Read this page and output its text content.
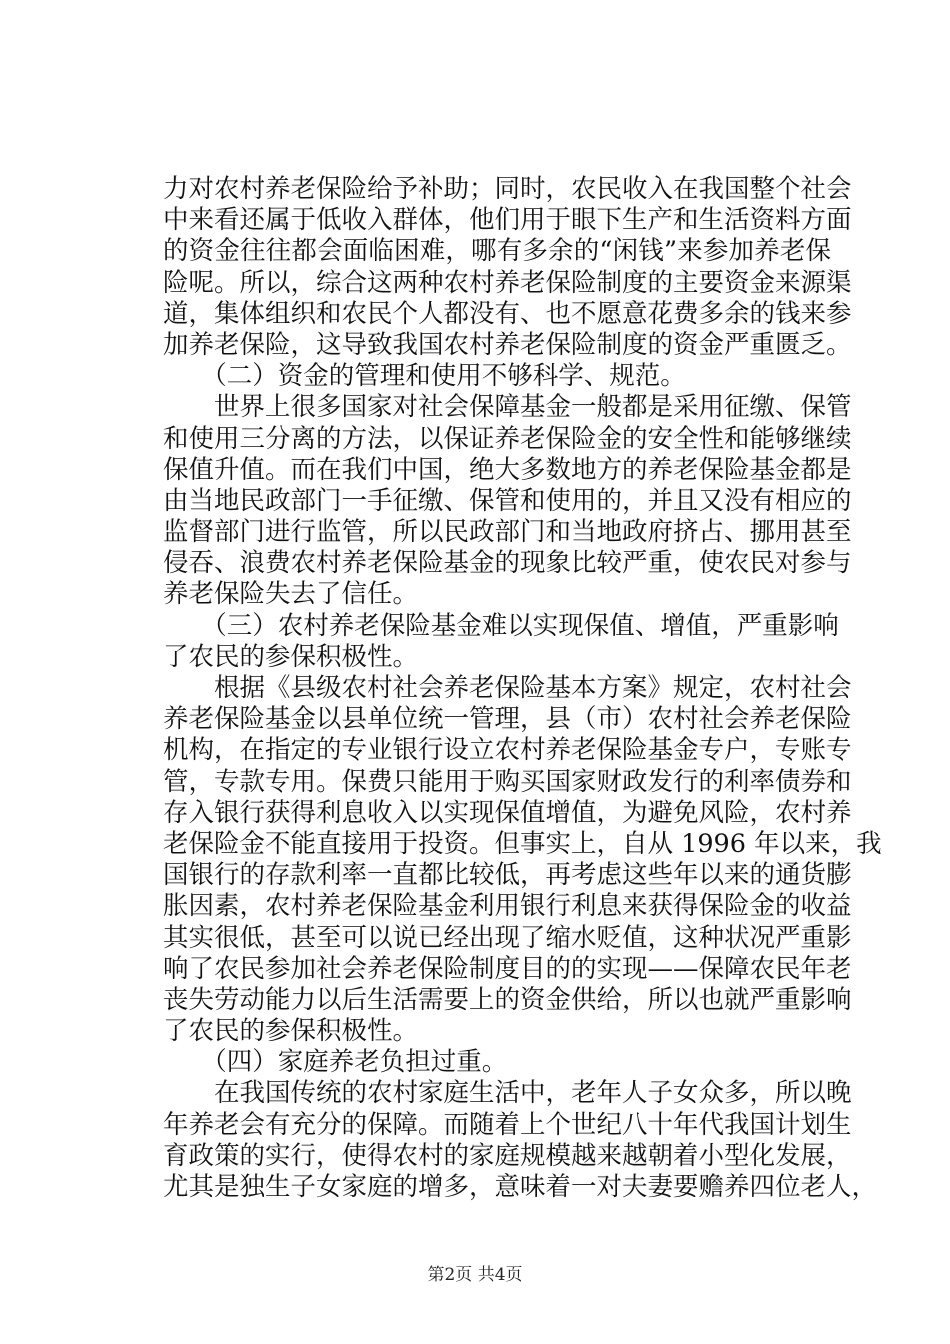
力对农村养老保险给予补助；同时，农民收入在我国整个社会
中来看还属于低收入群体，他们用于眼下生产和生活资料方面
的资金往往都会面临困难，哪有多余的“闲钱”来参加养老保
险呢。所以，综合这两种农村养老保险制度的主要资金来源渠
道，集体组织和农民个人都没有、也不愿意花费多余的钱来参
加养老保险，这导致我国农村养老保险制度的资金严重匮乏。
　　（二）资金的管理和使用不够科学、规范。
　　世界上很多国家对社会保障基金一般都是采用征缴、保管
和使用三分离的方法，以保证养老保险金的安全性和能够继续
保值升值。而在我们中国，绝大多数地方的养老保险基金都是
由当地民政部门一手征缴、保管和使用的，并且又没有相应的
监督部门进行监管，所以民政部门和当地政府挤占、挪用甚至
侵吞、浪费农村养老保险基金的现象比较严重，使农民对参与
养老保险失去了信任。
　　（三）农村养老保险基金难以实现保值、增值，严重影响
了农民的参保积极性。
　　根据《县级农村社会养老保险基本方案》规定，农村社会
养老保险基金以县单位统一管理，县（市）农村社会养老保险
机构，在指定的专业银行设立农村养老保险基金专户，专账专
管，专款专用。保费只能用于购买国家财政发行的利率债券和
存入银行获得利息收入以实现保值增值，为避免风险，农村养
老保险金不能直接用于投资。但事实上，自从 1996 年以来，我
国银行的存款利率一直都比较低，再考虑这些年以来的通货膨
胀因素，农村养老保险基金利用银行利息来获得保险金的收益
其实很低，甚至可以说已经出现了缩水贬值，这种状况严重影
响了农民参加社会养老保险制度目的的实现——保障农民年老
丧失劳动能力以后生活需要上的资金供给，所以也就严重影响
了农民的参保积极性。
　　（四）家庭养老负担过重。
　　在我国传统的农村家庭生活中，老年人子女众多，所以晚
年养老会有充分的保障。而随着上个世纪八十年代我国计划生
育政策的实行，使得农村的家庭规模越来越朝着小型化发展，
尤其是独生子女家庭的增多，意味着一对夫妻要赡养四位老人，
第2页 共4页
